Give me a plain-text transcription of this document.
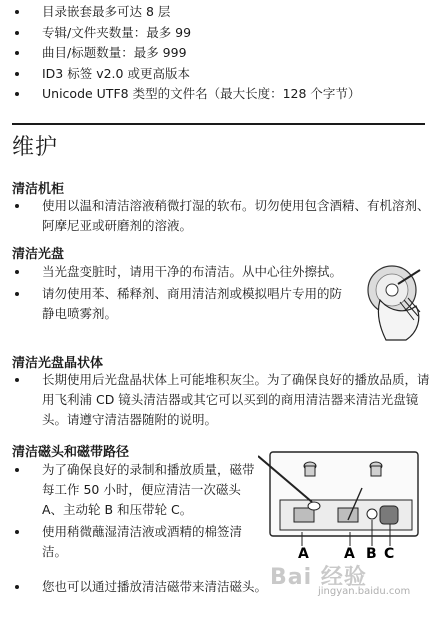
目录嵌套最多可达 8 层
专辑/文件夹数量：最多 99
曲目/标题数量：最多 999
ID3 标签 v2.0 或更高版本
Unicode UTF8 类型的文件名（最大长度：128 个字节）
维护
清洁机柜
使用以温和清洁溶液稍微打湿的软布。切勿使用包含酒精、有机溶剂、阿摩尼亚或研磨剂的溶液。
清洁光盘
当光盘变脏时，请用干净的布清洁。从中心往外擦拭。
请勿使用苯、稀释剂、商用清洁剂或模拟唱片专用的防静电喷雾剂。
清洁光盘晶状体
长期使用后光盘晶状体上可能堆积灰尘。为了确保良好的播放品质，请用飞利浦 CD 镜头清洁器或其它可以买到的商用清洁器来清洁光盘镜头。请遵守清洁器随附的说明。
清洁磁头和磁带路径
为了确保良好的录制和播放质量，磁带每工作 50 小时，便应清洁一次磁头 A、主动轮 B 和压带轮 C。
使用稍微蘸湿清洁液或酒精的棉签清洁。
您也可以通过播放清洁磁带来清洁磁头。
A	A B C
Bai 经验
jingyan.baidu.com
